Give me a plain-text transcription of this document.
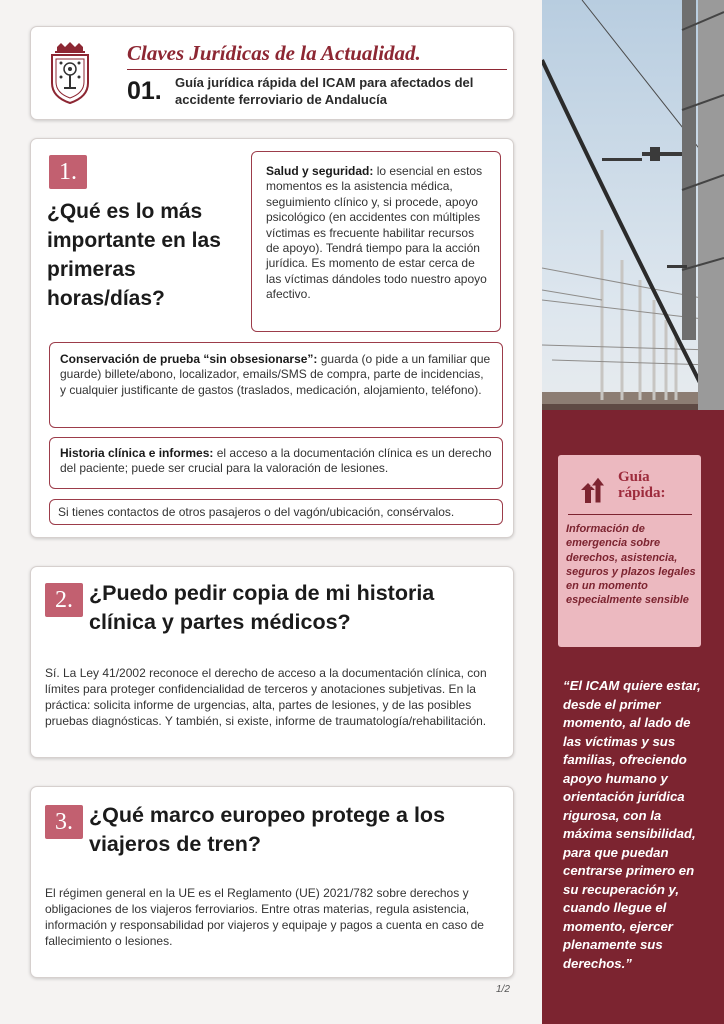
Claves Jurídicas de la Actualidad.
01. Guía jurídica rápida del ICAM para afectados del accidente ferroviario de Andalucía
1.
¿Qué es lo más importante en las primeras horas/días?
Salud y seguridad: lo esencial en estos momentos es la asistencia médica, seguimiento clínico y, si procede, apoyo psicológico (en accidentes con múltiples víctimas es frecuente habilitar recursos de apoyo). Tendrá tiempo para la acción jurídica. Es momento de estar cerca de las víctimas dándoles todo nuestro apoyo afectivo.
Conservación de prueba “sin obsesionarse”: guarda (o pide a un familiar que guarde) billete/abono, localizador, emails/SMS de compra, parte de incidencias, y cualquier justificante de gastos (traslados, medicación, alojamiento, teléfono).
Historia clínica e informes: el acceso a la documentación clínica es un derecho del paciente; puede ser crucial para la valoración de lesiones.
Si tienes contactos de otros pasajeros o del vagón/ubicación, consérvalos.
2. ¿Puedo pedir copia de mi historia clínica y partes médicos?
Sí. La Ley 41/2002 reconoce el derecho de acceso a la documentación clínica, con límites para proteger confidencialidad de terceros y anotaciones subjetivas. En la práctica: solicita informe de urgencias, alta, partes de lesiones, y de las posibles pruebas diagnósticas. Y también, si existe, informe de traumatología/rehabilitación.
3. ¿Qué marco europeo protege a los viajeros de tren?
El régimen general en la UE es el Reglamento (UE) 2021/782 sobre derechos y obligaciones de los viajeros ferroviarios. Entre otras materias, regula asistencia, información y responsabilidad por viajeros y equipaje y pagos a cuenta en caso de fallecimiento o lesiones.
1/2
Guía
rápida:
Información de emergencia sobre derechos, asistencia, seguros y plazos legales en un momento especialmente sensible
“El ICAM quiere estar, desde el primer momento, al lado de las víctimas y sus familias, ofreciendo apoyo humano y orientación jurídica rigurosa, con la máxima sensibilidad, para que puedan centrarse primero en su recuperación y, cuando llegue el momento, ejercer plenamente sus derechos.”
